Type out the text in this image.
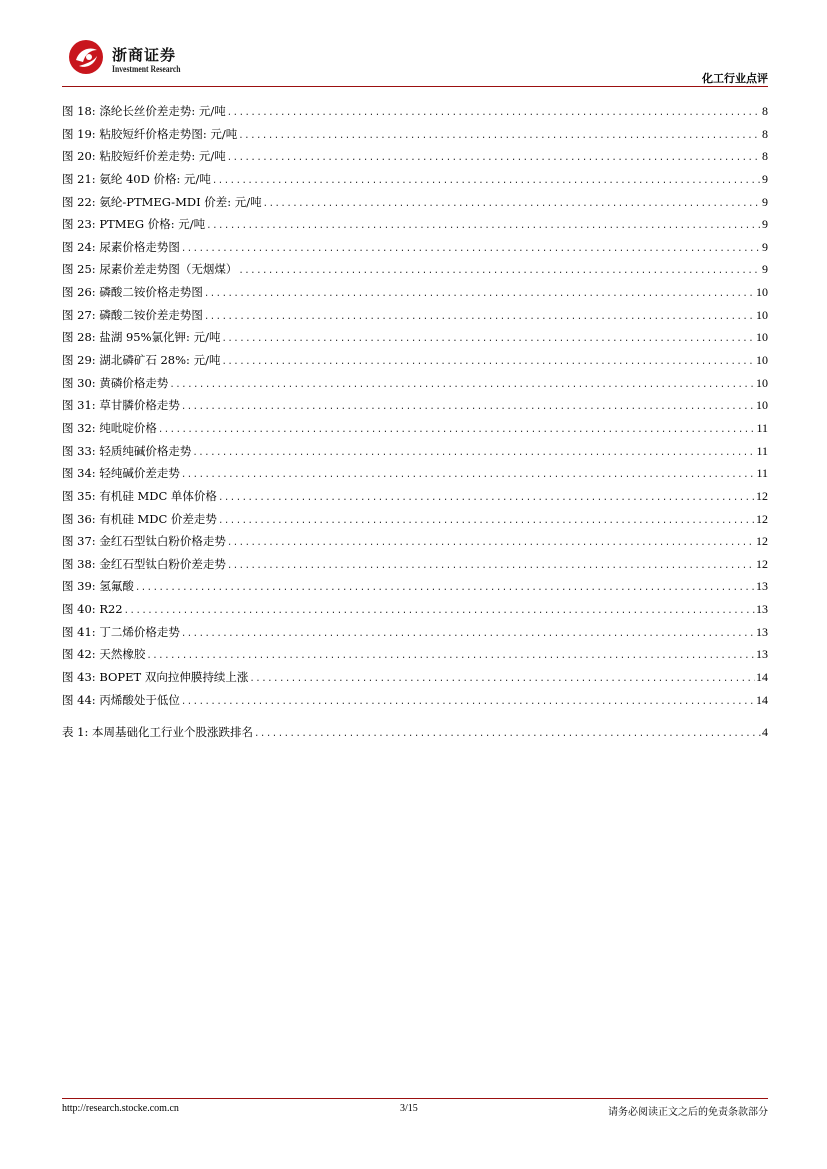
浙商证券
Investment Research
化工行业点评
图 18: 涤纶长丝价差走势: 元/吨 .....	8
图 19: 粘胶短纤价格走势图: 元/吨 .....	8
图 20: 粘胶短纤价差走势: 元/吨 .....	8
图 21: 氨纶 40D 价格: 元/吨 .....	9
图 22: 氨纶-PTMEG-MDI 价差: 元/吨 .....	9
图 23: PTMEG 价格: 元/吨 .....	9
图 24: 尿素价格走势图 .....	9
图 25: 尿素价差走势图（无烟煤） .....	9
图 26: 磷酸二铵价格走势图 .....	10
图 27: 磷酸二铵价差走势图 .....	10
图 28: 盐湖 95%氯化钾: 元/吨 .....	10
图 29: 湖北磷矿石 28%: 元/吨 .....	10
图 30: 黄磷价格走势 .....	10
图 31: 草甘膦价格走势 .....	10
图 32: 纯吡啶价格 .....	11
图 33: 轻质纯碱价格走势 .....	11
图 34: 轻纯碱价差走势 .....	11
图 35: 有机硅 MDC 单体价格 .....	12
图 36: 有机硅 MDC 价差走势 .....	12
图 37: 金红石型钛白粉价格走势 .....	12
图 38: 金红石型钛白粉价差走势 .....	12
图 39: 氢氟酸 .....	13
图 40: R22 .....	13
图 41: 丁二烯价格走势 .....	13
图 42: 天然橡胶 .....	13
图 43: BOPET 双向拉伸膜持续上涨 .....	14
图 44: 丙烯酸处于低位 .....	14
表 1: 本周基础化工行业个股涨跌排名 .....	4
http://research.stocke.com.cn	3/15	请务必阅读正文之后的免责条款部分
